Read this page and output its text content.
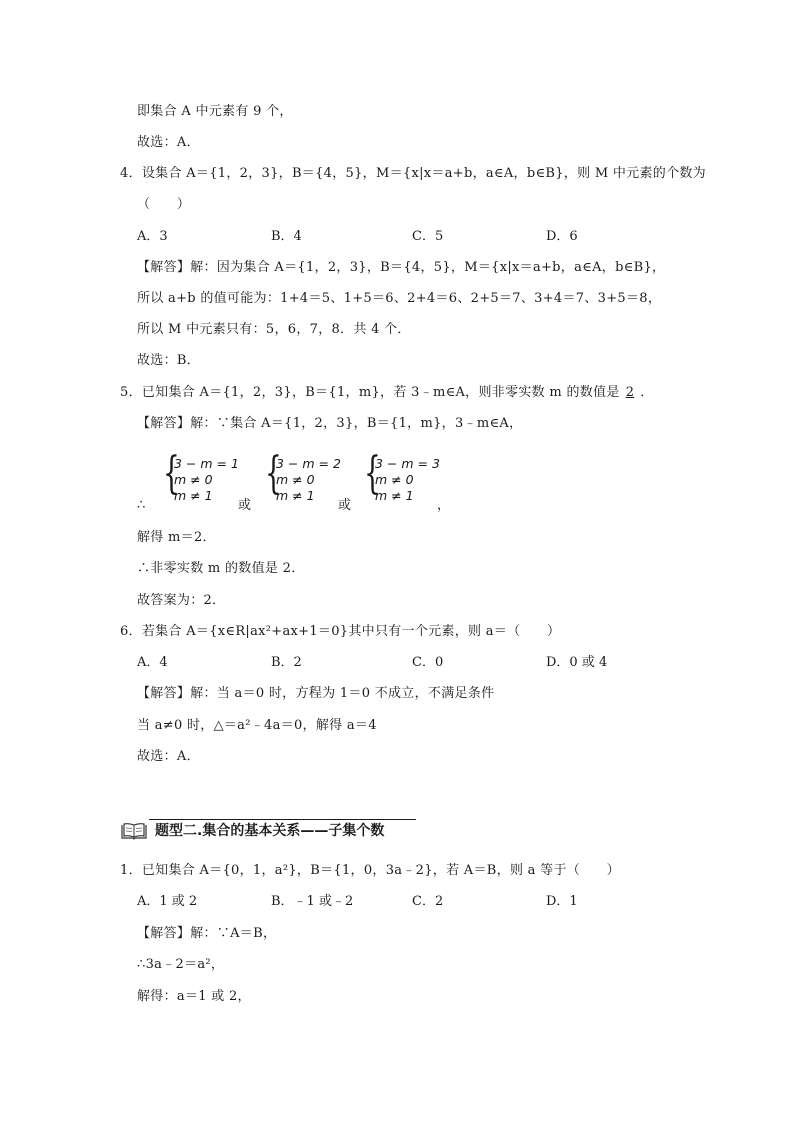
即集合 A 中元素有 9 个，
故选：A．
4．设集合 A＝{1，2，3}，B＝{4，5}，M＝{x|x＝a+b，a∈A，b∈B}，则 M 中元素的个数为
（　　）
A．3	B．4	C．5	D．6
【解答】解：因为集合 A＝{1，2，3}，B＝{4，5}，M＝{x|x＝a+b，a∈A，b∈B}，
所以 a+b 的值可能为：1+4＝5、1+5＝6、2+4＝6、2+5＝7、3+4＝7、3+5＝8，
所以 M 中元素只有：5，6，7，8．共 4 个．
故选：B．
5．已知集合 A＝{1，2，3}，B＝{1，m}，若 3﹣m∈A，则非零实数 m 的数值是 2 ．
【解答】解：∵集合 A＝{1，2，3}，B＝{1，m}，3﹣m∈A，
∴
{
3 − m = 1
m ≠ 0
m ≠ 1
或
{
3 − m = 2
m ≠ 0
m ≠ 1
或
{
3 − m = 3
m ≠ 0
m ≠ 1
，
解得 m＝2．
∴非零实数 m 的数值是 2．
故答案为：2．
6．若集合 A＝{x∈R|ax²+ax+1＝0}其中只有一个元素，则 a＝（　　）
A．4	B．2	C．0	D．0 或 4
【解答】解：当 a＝0 时，方程为 1＝0 不成立，不满足条件
当 a≠0 时，△＝a²﹣4a＝0，解得 a＝4
故选：A．
题型二.集合的基本关系——子集个数
1．已知集合 A＝{0，1，a²}，B＝{1，0，3a﹣2}，若 A＝B，则 a 等于（　　）
A．1 或 2	B．﹣1 或﹣2	C．2	D．1
【解答】解：∵A＝B，
∴3a﹣2＝a²，
解得：a＝1 或 2，
